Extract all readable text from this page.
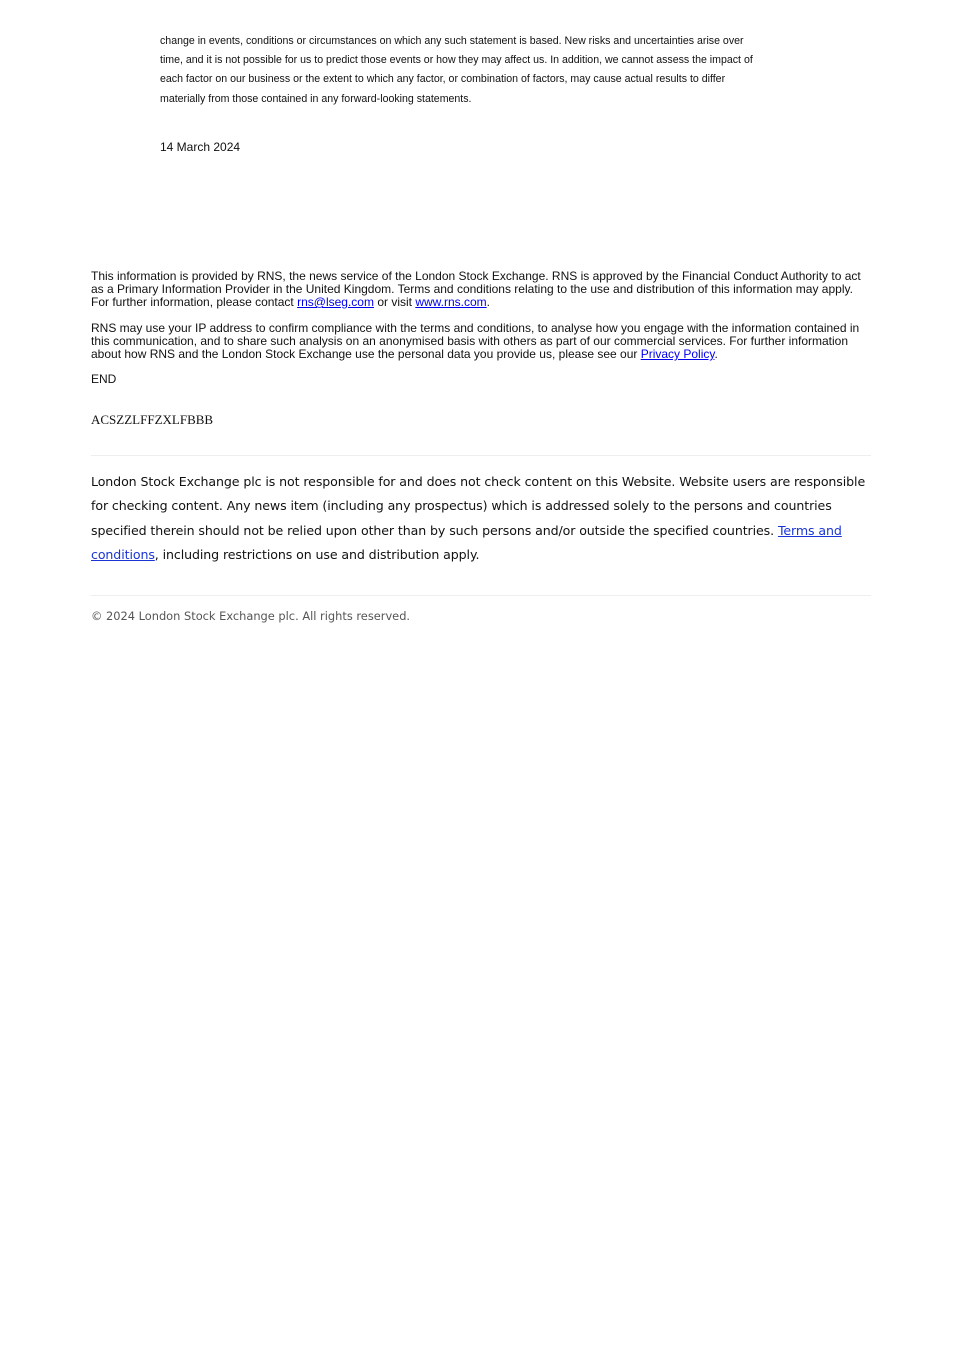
change in events, conditions or circumstances on which any such statement is based. New risks and uncertainties arise over

time, and it is not possible for us to predict those events or how they may affect us. In addition, we cannot assess the impact of

each factor on our business or the extent to which any factor, or combination of factors, may cause actual results to differ

materially from those contained in any forward-looking statements.

14 March 2024

This information is provided by RNS, the news service of the London Stock Exchange. RNS is approved by the Financial Conduct Authority to act as a Primary Information Provider in the United Kingdom. Terms and conditions relating to the use and distribution of this information may apply. For further information, please contact rns@lseg.com or visit www.rns.com.

RNS may use your IP address to confirm compliance with the terms and conditions, to analyse how you engage with the information contained in this communication, and to share such analysis on an anonymised basis with others as part of our commercial services. For further information about how RNS and the London Stock Exchange use the personal data you provide us, please see our Privacy Policy.

END
ACSZZLFFZXLFBBB
London Stock Exchange plc is not responsible for and does not check content on this Website. Website users are responsible for checking content. Any news item (including any prospectus) which is addressed solely to the persons and countries specified therein should not be relied upon other than by such persons and/or outside the specified countries. Terms and conditions, including restrictions on use and distribution apply.
© 2024 London Stock Exchange plc. All rights reserved.
